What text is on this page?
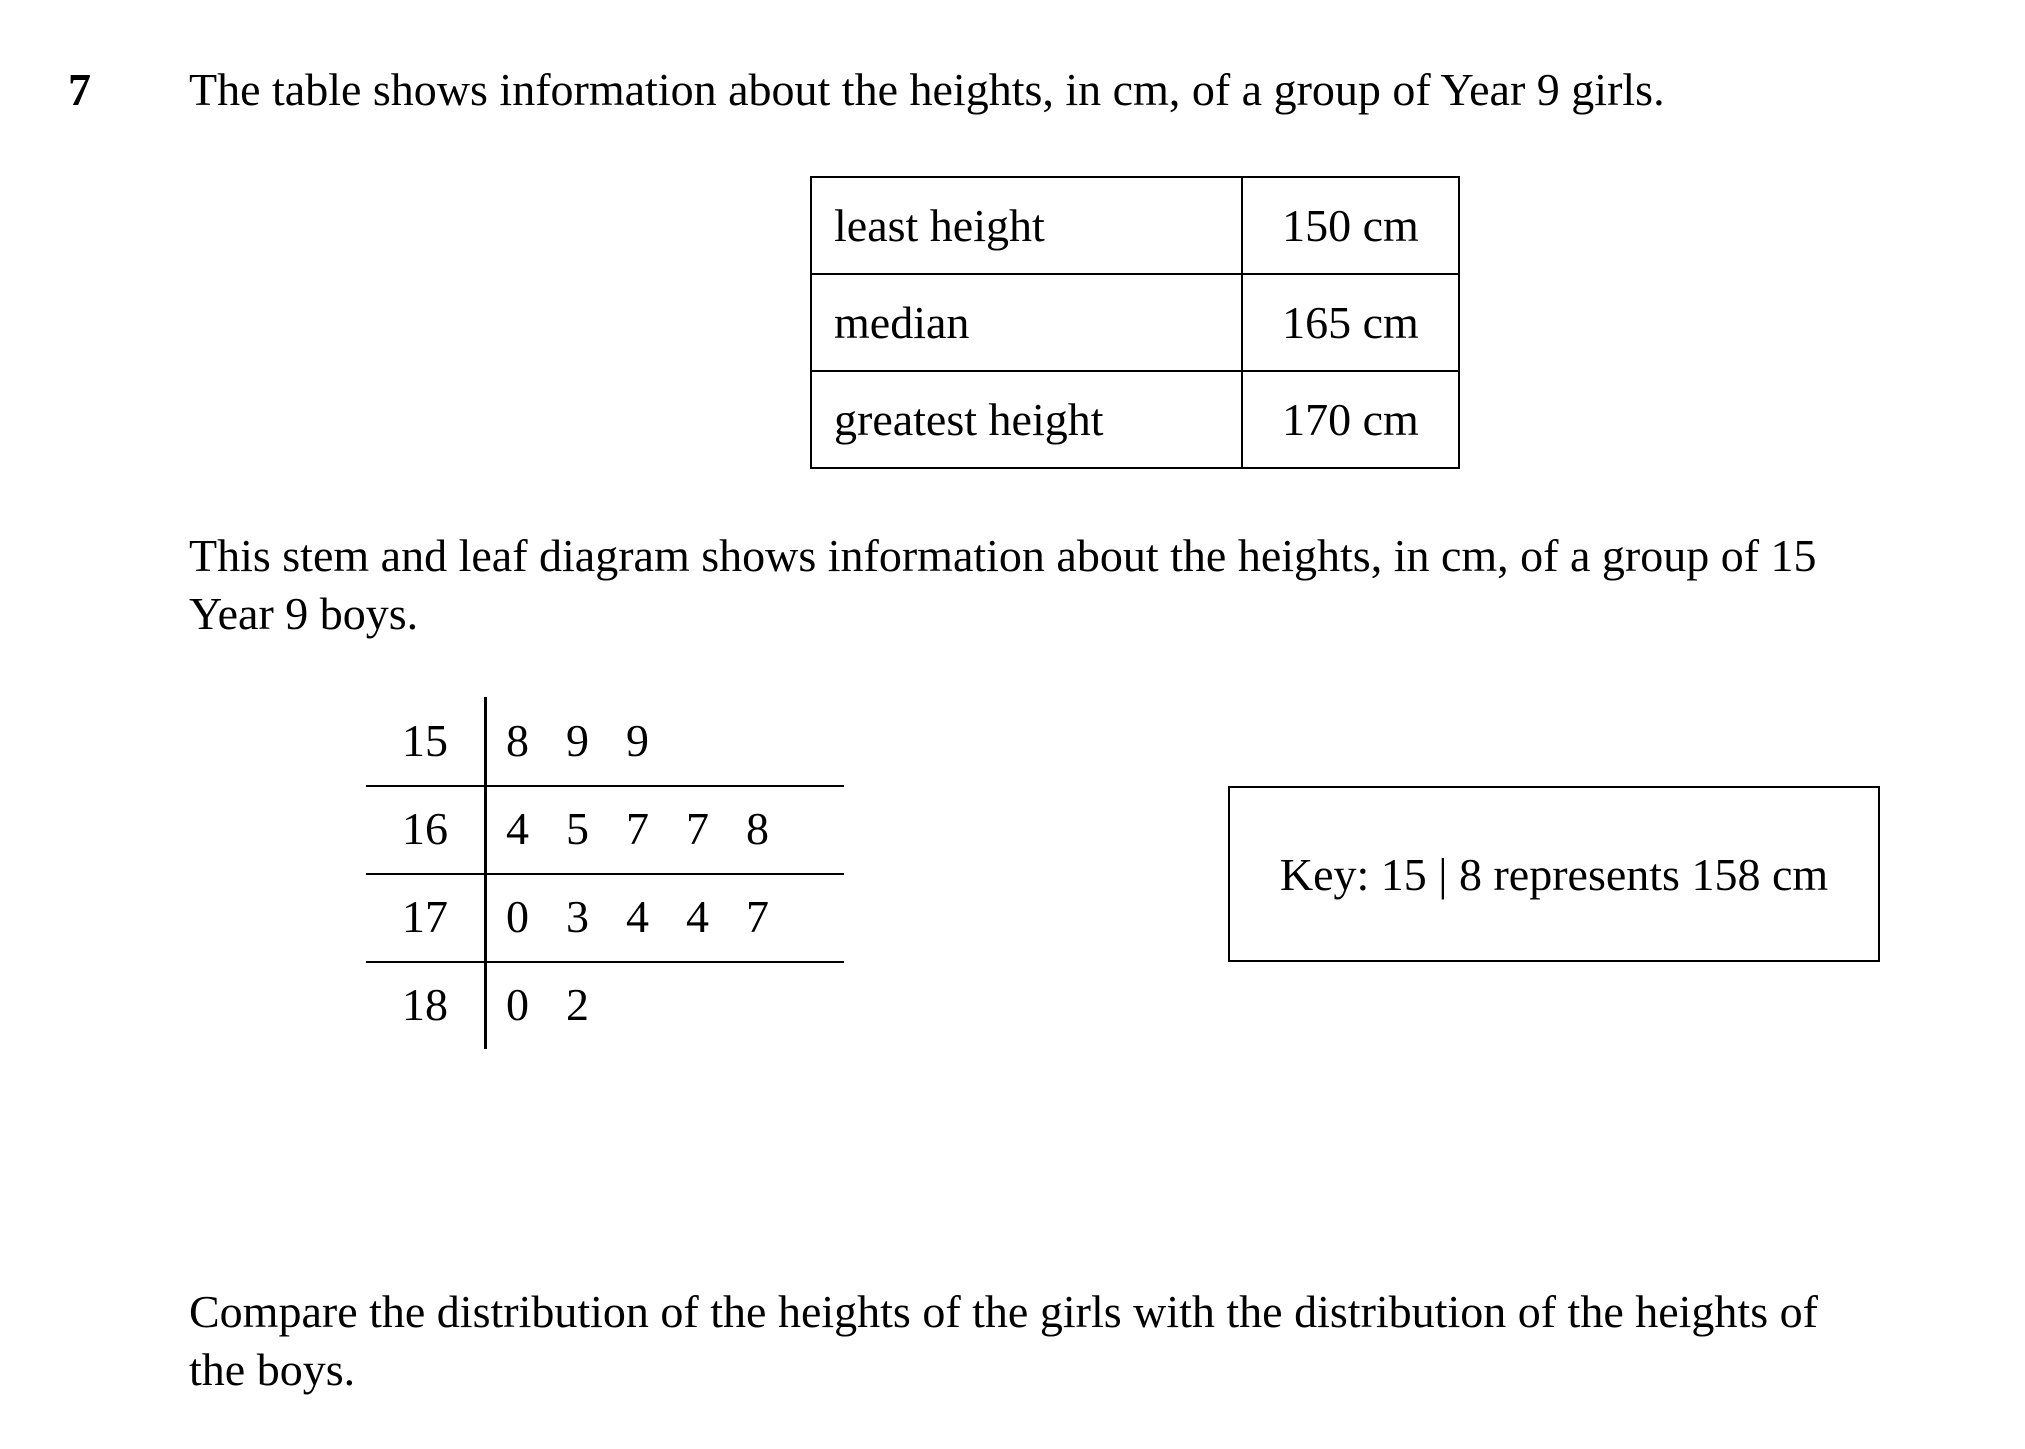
7 The table shows information about the heights, in cm, of a group of Year 9 girls.
least height	150 cm
median	165 cm
greatest height	170 cm
This stem and leaf diagram shows information about the heights, in cm, of a group of 15 Year 9 boys.
15	8 9 9
16	4 5 7 7 8
17	0 3 4 4 7
18	0 2
Key: 15 | 8 represents 158 cm
Compare the distribution of the heights of the girls with the distribution of the heights of the boys.
